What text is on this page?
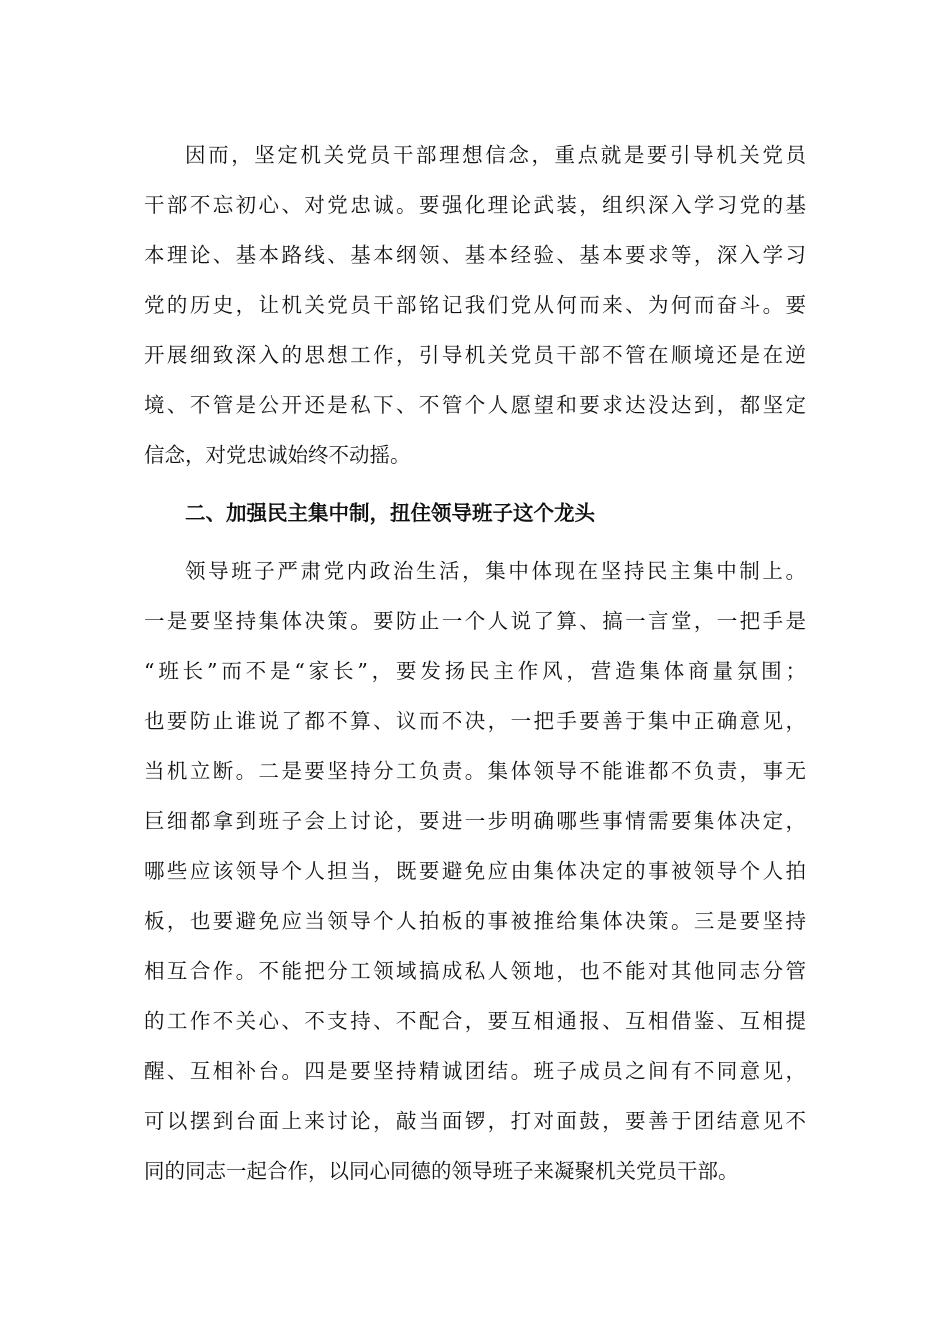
因而，坚定机关党员干部理想信念，重点就是要引导机关党员
干部不忘初心、对党忠诚。要强化理论武装，组织深入学习党的基
本理论、基本路线、基本纲领、基本经验、基本要求等，深入学习
党的历史，让机关党员干部铭记我们党从何而来、为何而奋斗。要
开展细致深入的思想工作，引导机关党员干部不管在顺境还是在逆
境、不管是公开还是私下、不管个人愿望和要求达没达到，都坚定
信念，对党忠诚始终不动摇。
二、加强民主集中制，扭住领导班子这个龙头
领导班子严肃党内政治生活，集中体现在坚持民主集中制上。
一是要坚持集体决策。要防止一个人说了算、搞一言堂，一把手是
“班长”而不是“家长”，要发扬民主作风，营造集体商量氛围；
也要防止谁说了都不算、议而不决，一把手要善于集中正确意见，
当机立断。二是要坚持分工负责。集体领导不能谁都不负责，事无
巨细都拿到班子会上讨论，要进一步明确哪些事情需要集体决定，
哪些应该领导个人担当，既要避免应由集体决定的事被领导个人拍
板，也要避免应当领导个人拍板的事被推给集体决策。三是要坚持
相互合作。不能把分工领域搞成私人领地，也不能对其他同志分管
的工作不关心、不支持、不配合，要互相通报、互相借鉴、互相提
醒、互相补台。四是要坚持精诚团结。班子成员之间有不同意见，
可以摆到台面上来讨论，敲当面锣，打对面鼓，要善于团结意见不
同的同志一起合作，以同心同德的领导班子来凝聚机关党员干部。
